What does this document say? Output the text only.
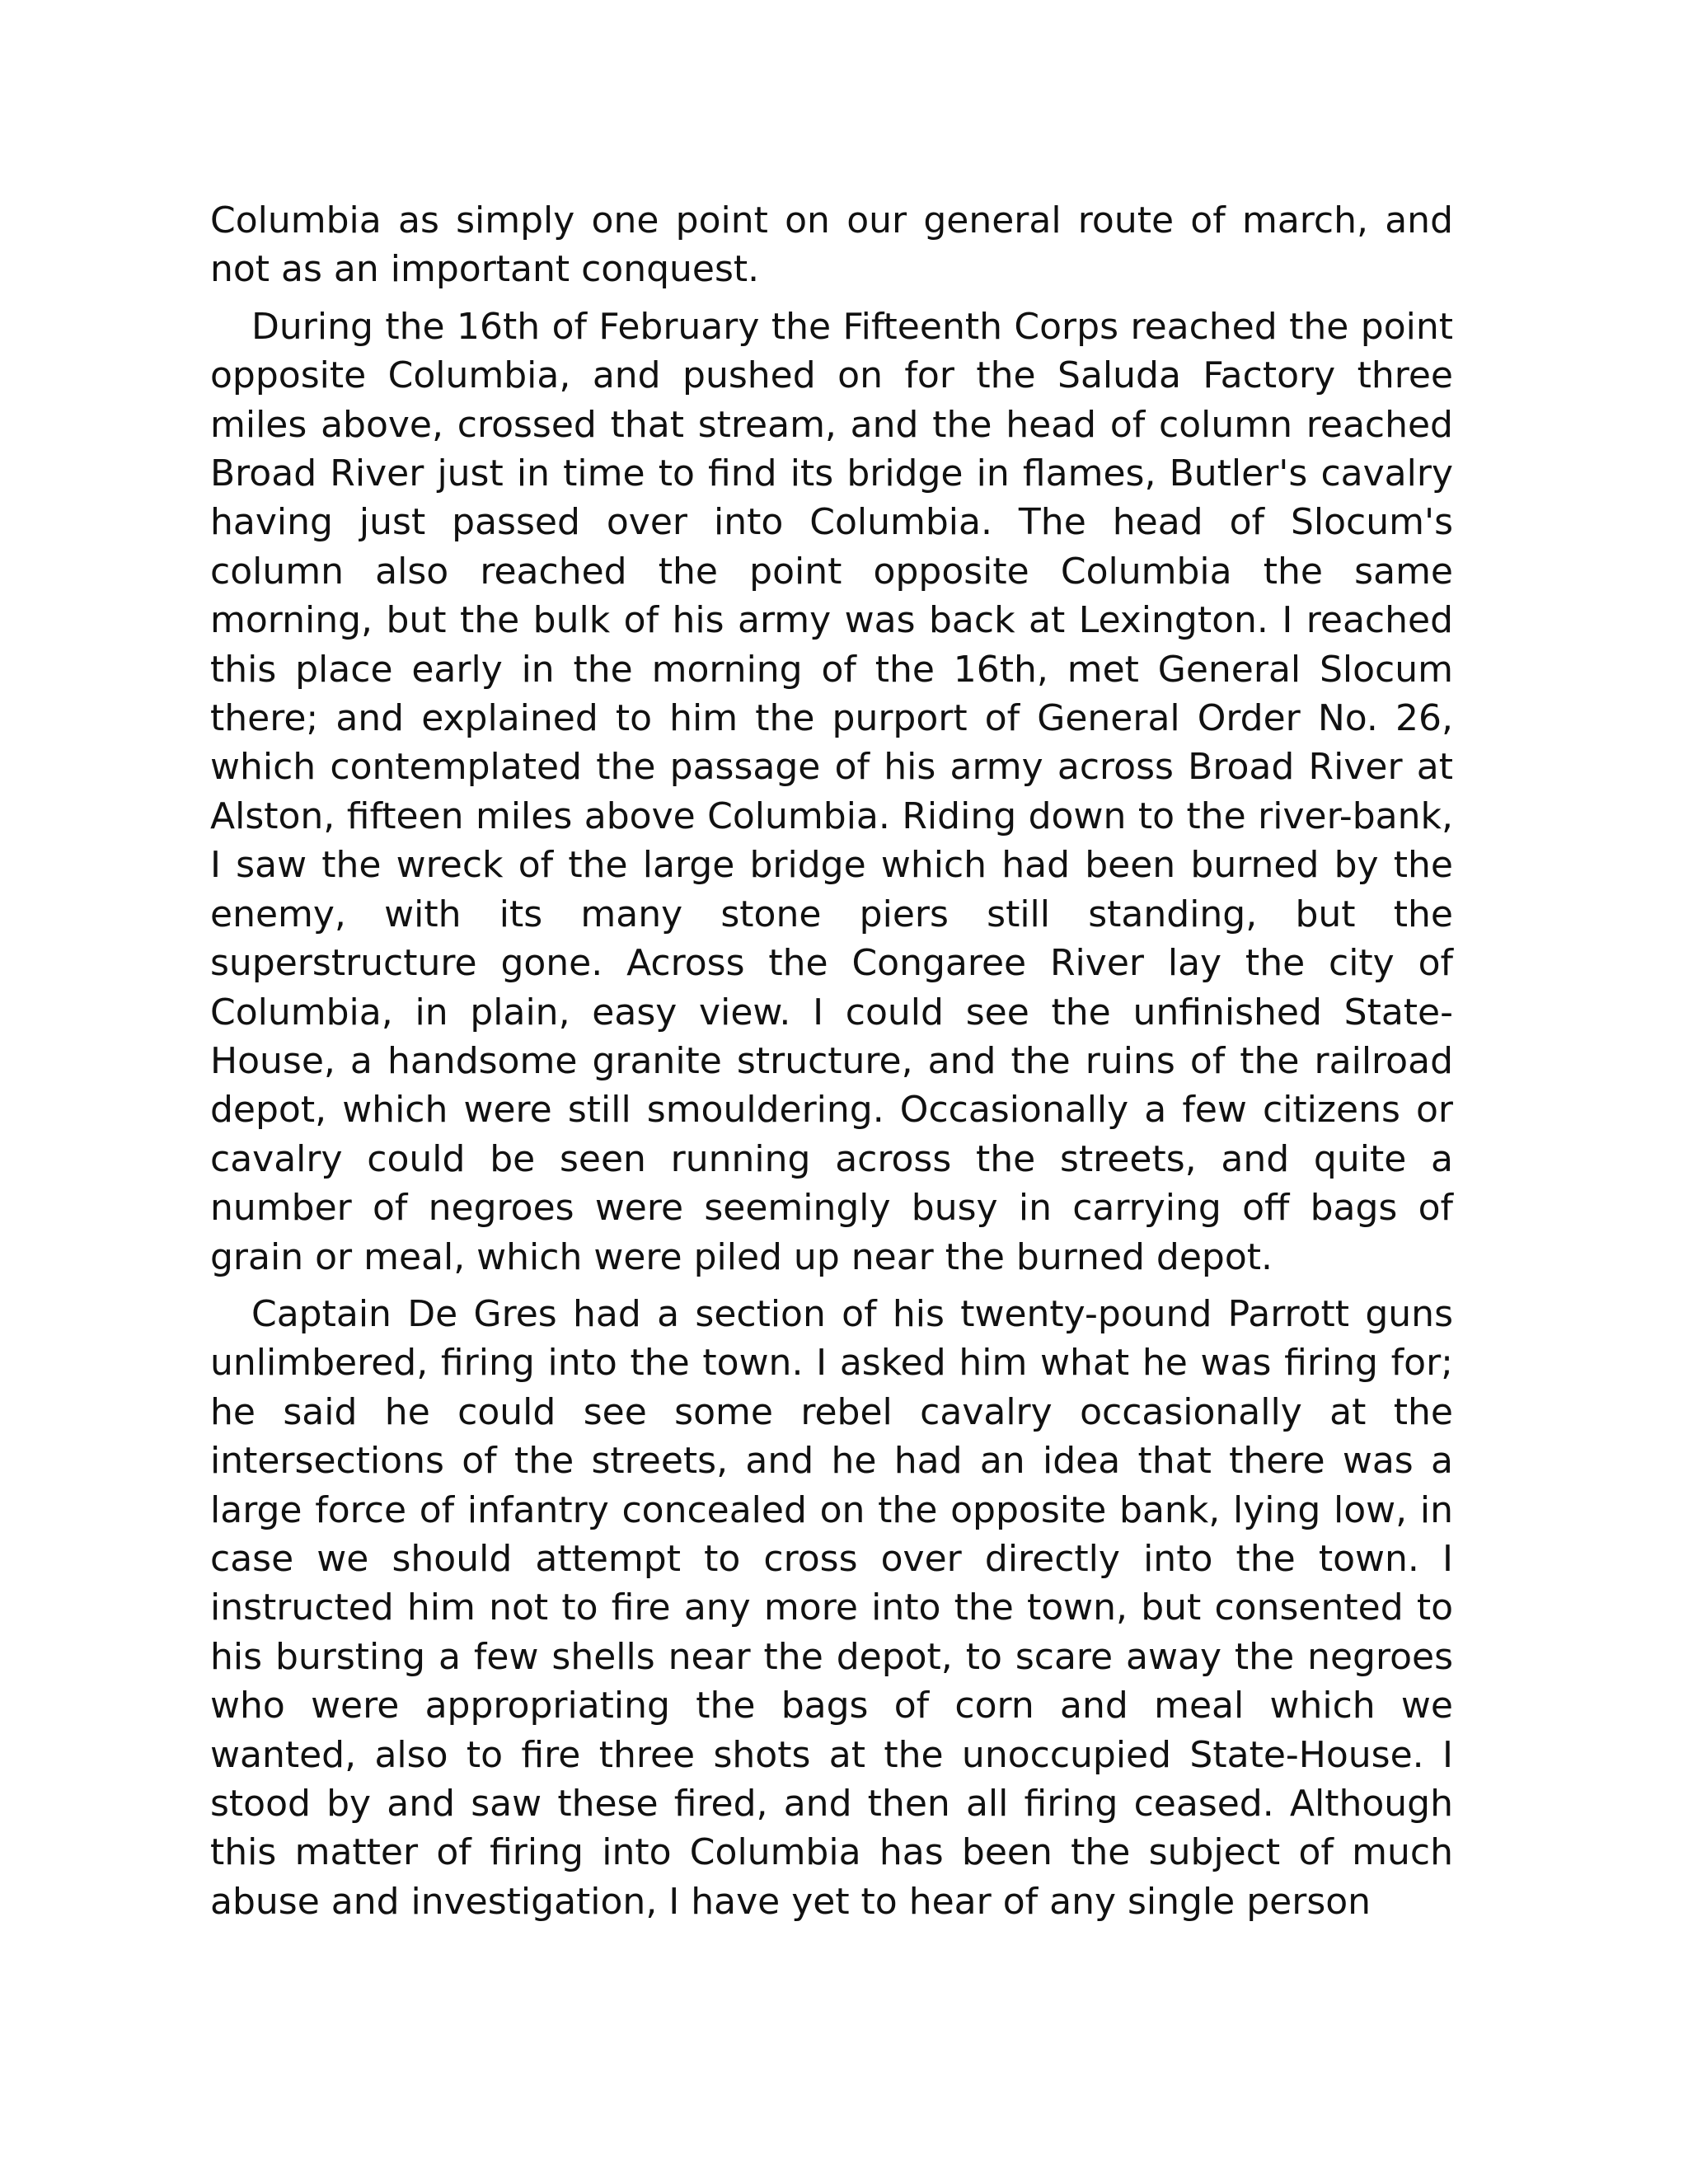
Columbia as simply one point on our general route of march, and not as an important conquest.

During the 16th of February the Fifteenth Corps reached the point opposite Columbia, and pushed on for the Saluda Factory three miles above, crossed that stream, and the head of column reached Broad River just in time to find its bridge in flames, Butler's cavalry having just passed over into Columbia. The head of Slocum's column also reached the point opposite Columbia the same morning, but the bulk of his army was back at Lexington. I reached this place early in the morning of the 16th, met General Slocum there; and explained to him the purport of General Order No. 26, which contemplated the passage of his army across Broad River at Alston, fifteen miles above Columbia. Riding down to the river-bank, I saw the wreck of the large bridge which had been burned by the enemy, with its many stone piers still standing, but the superstructure gone. Across the Congaree River lay the city of Columbia, in plain, easy view. I could see the unfinished State-House, a handsome granite structure, and the ruins of the railroad depot, which were still smouldering. Occasionally a few citizens or cavalry could be seen running across the streets, and quite a number of negroes were seemingly busy in carrying off bags of grain or meal, which were piled up near the burned depot.

Captain De Gres had a section of his twenty-pound Parrott guns unlimbered, firing into the town. I asked him what he was firing for; he said he could see some rebel cavalry occasionally at the intersections of the streets, and he had an idea that there was a large force of infantry concealed on the opposite bank, lying low, in case we should attempt to cross over directly into the town. I instructed him not to fire any more into the town, but consented to his bursting a few shells near the depot, to scare away the negroes who were appropriating the bags of corn and meal which we wanted, also to fire three shots at the unoccupied State-House. I stood by and saw these fired, and then all firing ceased. Although this matter of firing into Columbia has been the subject of much abuse and investigation, I have yet to hear of any single person
